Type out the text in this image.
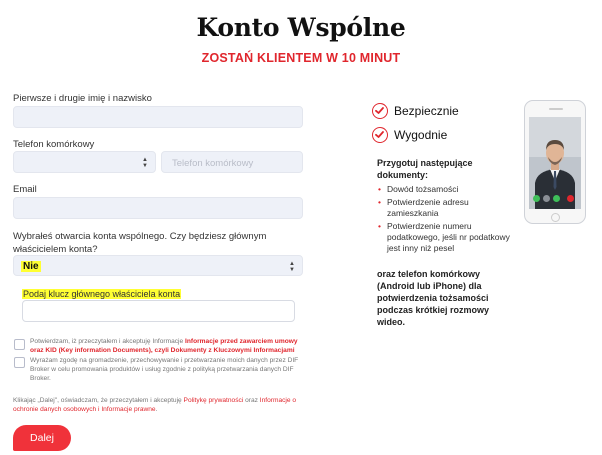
Konto Wspólne
ZOSTAŃ KLIENTEM W 10 MINUT
Pierwsze i drugie imię i nazwisko
Telefon komórkowy
▲
▼	Telefon komórkowy
Email
Wybrałeś otwarcia konta wspólnego. Czy będziesz głównym właścicielem konta?
Nie	▲
▼
Podaj klucz głównego właściciela konta
Potwierdzam, iż przeczytałem i akceptuję Informacje Informacje przed zawarciem umowy oraz KID (Key information Documents), czyli Dokumenty z Kluczowymi Informacjami
Wyrażam zgodę na gromadzenie, przechowywanie i przetwarzanie moich danych przez DIF Broker w celu promowania produktów i usług zgodnie z polityką przetwarzania danych DIF Broker.
Klikając „Dalej", oświadczam, że przeczytałem i akceptuję Politykę prywatności oraz Informacje o ochronie danych osobowych i Informacje prawne.
Dalej
Bezpiecznie
Wygodnie
Przygotuj następujące dokumenty:
• Dowód tożsamości
• Potwierdzenie adresu zamieszkania
• Potwierdzenie numeru podatkowego, jeśli nr podatkowy jest inny niż pesel
oraz telefon komórkowy (Android lub iPhone) dla potwierdzenia tożsamości podczas krótkiej rozmowy wideo.
